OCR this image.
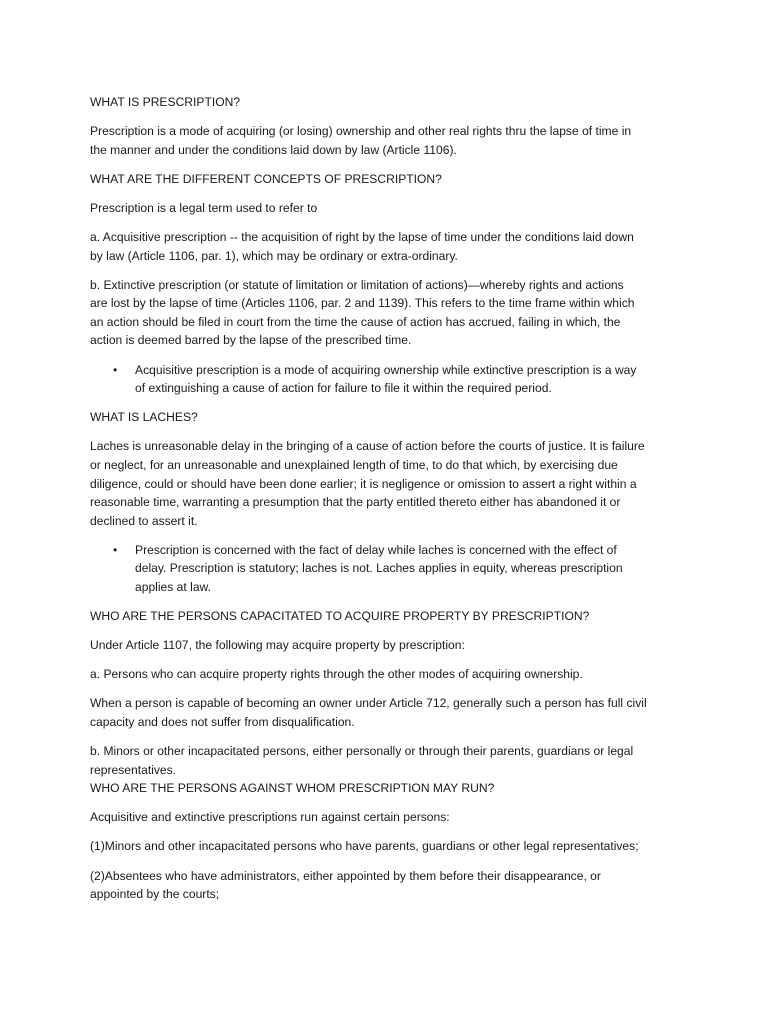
WHAT IS PRESCRIPTION?
Prescription is a mode of acquiring (or losing) ownership and other real rights thru the lapse of time in
the manner and under the conditions laid down by law (Article 1106).
WHAT ARE THE DIFFERENT CONCEPTS OF PRESCRIPTION?
Prescription is a legal term used to refer to
a. Acquisitive prescription -- the acquisition of right by the lapse of time under the conditions laid down
by law (Article 1106, par. 1), which may be ordinary or extra-ordinary.
b. Extinctive prescription (or statute of limitation or limitation of actions)—whereby rights and actions
are lost by the lapse of time (Articles 1106, par. 2 and 1139). This refers to the time frame within which
an action should be filed in court from the time the cause of action has accrued, failing in which, the
action is deemed barred by the lapse of the prescribed time.
• Acquisitive prescription is a mode of acquiring ownership while extinctive prescription is a way
of extinguishing a cause of action for failure to file it within the required period.
WHAT IS LACHES?
Laches is unreasonable delay in the bringing of a cause of action before the courts of justice. It is failure
or neglect, for an unreasonable and unexplained length of time, to do that which, by exercising due
diligence, could or should have been done earlier; it is negligence or omission to assert a right within a
reasonable time, warranting a presumption that the party entitled thereto either has abandoned it or
declined to assert it.
• Prescription is concerned with the fact of delay while laches is concerned with the effect of
delay. Prescription is statutory; laches is not. Laches applies in equity, whereas prescription
applies at law.
WHO ARE THE PERSONS CAPACITATED TO ACQUIRE PROPERTY BY PRESCRIPTION?
Under Article 1107, the following may acquire property by prescription:
a. Persons who can acquire property rights through the other modes of acquiring ownership.
When a person is capable of becoming an owner under Article 712, generally such a person has full civil
capacity and does not suffer from disqualification.
b. Minors or other incapacitated persons, either personally or through their parents, guardians or legal
representatives.
WHO ARE THE PERSONS AGAINST WHOM PRESCRIPTION MAY RUN?
Acquisitive and extinctive prescriptions run against certain persons:
(1)Minors and other incapacitated persons who have parents, guardians or other legal representatives;
(2)Absentees who have administrators, either appointed by them before their disappearance, or
appointed by the courts;
